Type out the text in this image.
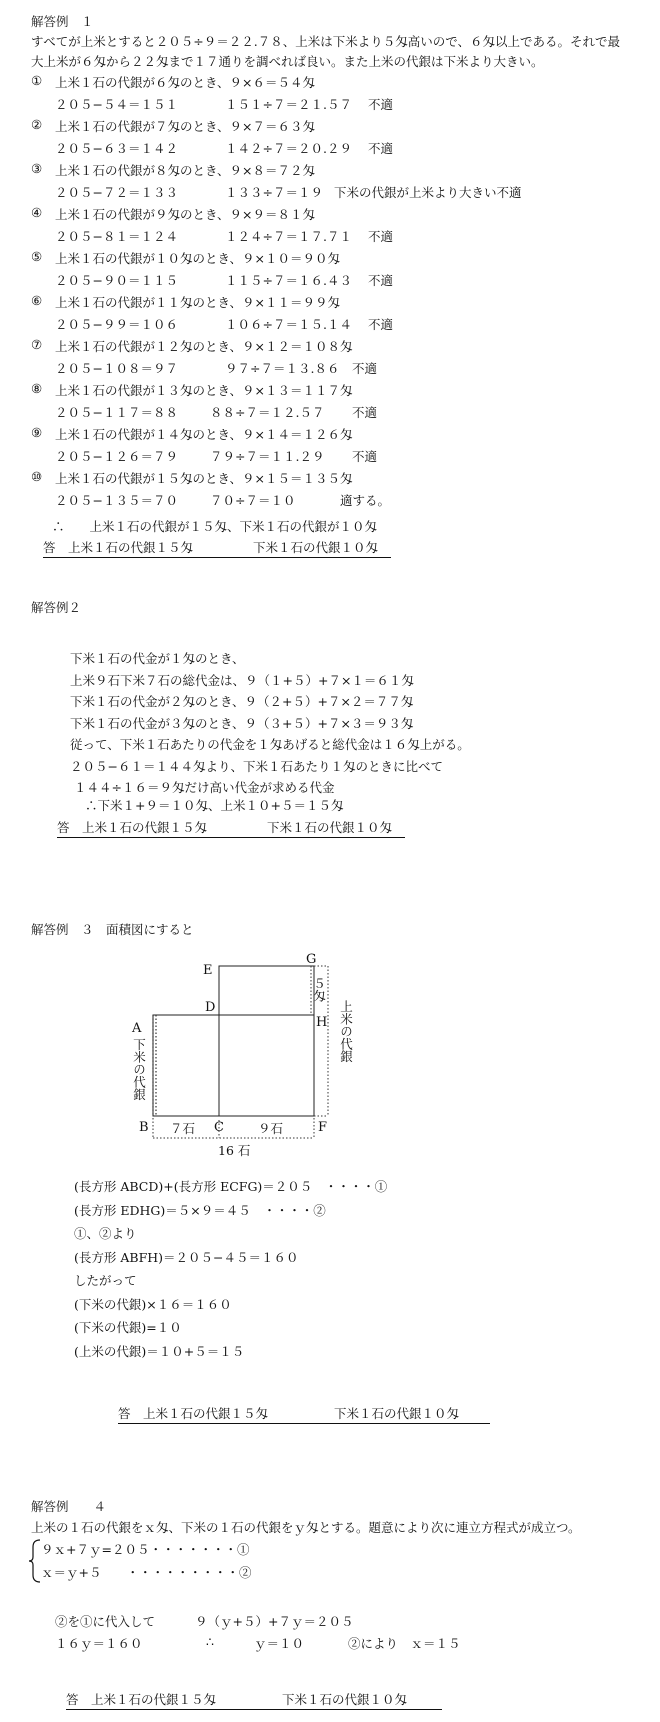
解答例　１
すべてが上米とすると２０５÷９＝２２.７８、上米は下米より５匁高いので、６匁以上である。それで最
大上米が６匁から２２匁まで１７通りを調べれば良い。また上米の代銀は下米より大きい。
① 上米１石の代銀が６匁のとき、９×６＝５４匁
２０５−５４＝１５１	１５１÷７＝２１.５７ 不適
② 上米１石の代銀が７匁のとき、９×７＝６３匁
２０５−６３＝１４２	１４２÷７＝２０.２９ 不適
③ 上米１石の代銀が８匁のとき、９×８＝７２匁
２０５−７２＝１３３	１３３÷７＝１９ 下米の代銀が上米より大きい不適
④ 上米１石の代銀が９匁のとき、９×９＝８１匁
２０５−８１＝１２４	１２４÷７＝１７.７１ 不適
⑤ 上米１石の代銀が１０匁のとき、９×１０＝９０匁
２０５−９０＝１１５	１１５÷７＝１６.４３ 不適
⑥ 上米１石の代銀が１１匁のとき、９×１１＝９９匁
２０５−９９＝１０６	１０６÷７＝１５.１４ 不適
⑦ 上米１石の代銀が１２匁のとき、９×１２＝１０８匁
２０５−１０８＝９７	９７÷７＝１３.８６ 不適
⑧ 上米１石の代銀が１３匁のとき、９×１３＝１１７匁
２０５−１１７＝８８	８８÷７＝１２.５７ 不適
⑨ 上米１石の代銀が１４匁のとき、９×１４＝１２６匁
２０５−１２６＝７９	７９÷７＝１１.２９ 不適
⑩ 上米１石の代銀が１５匁のとき、９×１５＝１３５匁
２０５−１３５＝７０	７０÷７＝１０	適する。
∴　　上米１石の代銀が１５匁、下米１石の代銀が１０匁
答　上米１石の代銀１５匁	下米１石の代銀１０匁
解答例２
下米１石の代金が１匁のとき、
上米９石下米７石の総代金は、９（１+５）+７×１＝６１匁
下米１石の代金が２匁のとき、９（２+５）+７×２＝７７匁
下米１石の代金が３匁のとき、９（３+５）+７×３＝９３匁
従って、下米１石あたりの代金を１匁あげると総代金は１６匁上がる。
２０５−６１＝１４４匁より、下米１石あたり１匁のときに比べて
１４４÷１６＝９匁だけ高い代金が求める代金
∴下米１+９＝１０匁、上米１０+５＝１５匁
答　上米１石の代銀１５匁	下米１石の代銀１０匁
解答例　３　面積図にすると
A
B	C
D
E
F
G
H
７石	９石
16 石
５匁
上米の代銀
下米の代銀
(長方形 ABCD)+(長方形 ECFG)＝２０５　・・・・①
(長方形 EDHG)＝５×９＝４５　・・・・②
①、②より
(長方形 ABFH)＝２０５−４５＝１６０
したがって
(下米の代銀)×１６＝１６０
(下米の代銀)=１０
(上米の代銀)＝１０+５＝１５
答　上米１石の代銀１５匁	下米１石の代銀１０匁
解答例　　４
上米の１石の代銀をｘ匁、下米の１石の代銀をｙ匁とする。題意により次に連立方程式が成立つ。
９ｘ+７ｙ=２０５・・・・・・・①
ｘ＝ｙ+５　　・・・・・・・・・②
②を①に代入して	９（ｙ+５）+７ｙ＝２０５
１６ｙ＝１６０	∴	ｙ＝１０	②により　ｘ＝１５
答　上米１石の代銀１５匁	下米１石の代銀１０匁
